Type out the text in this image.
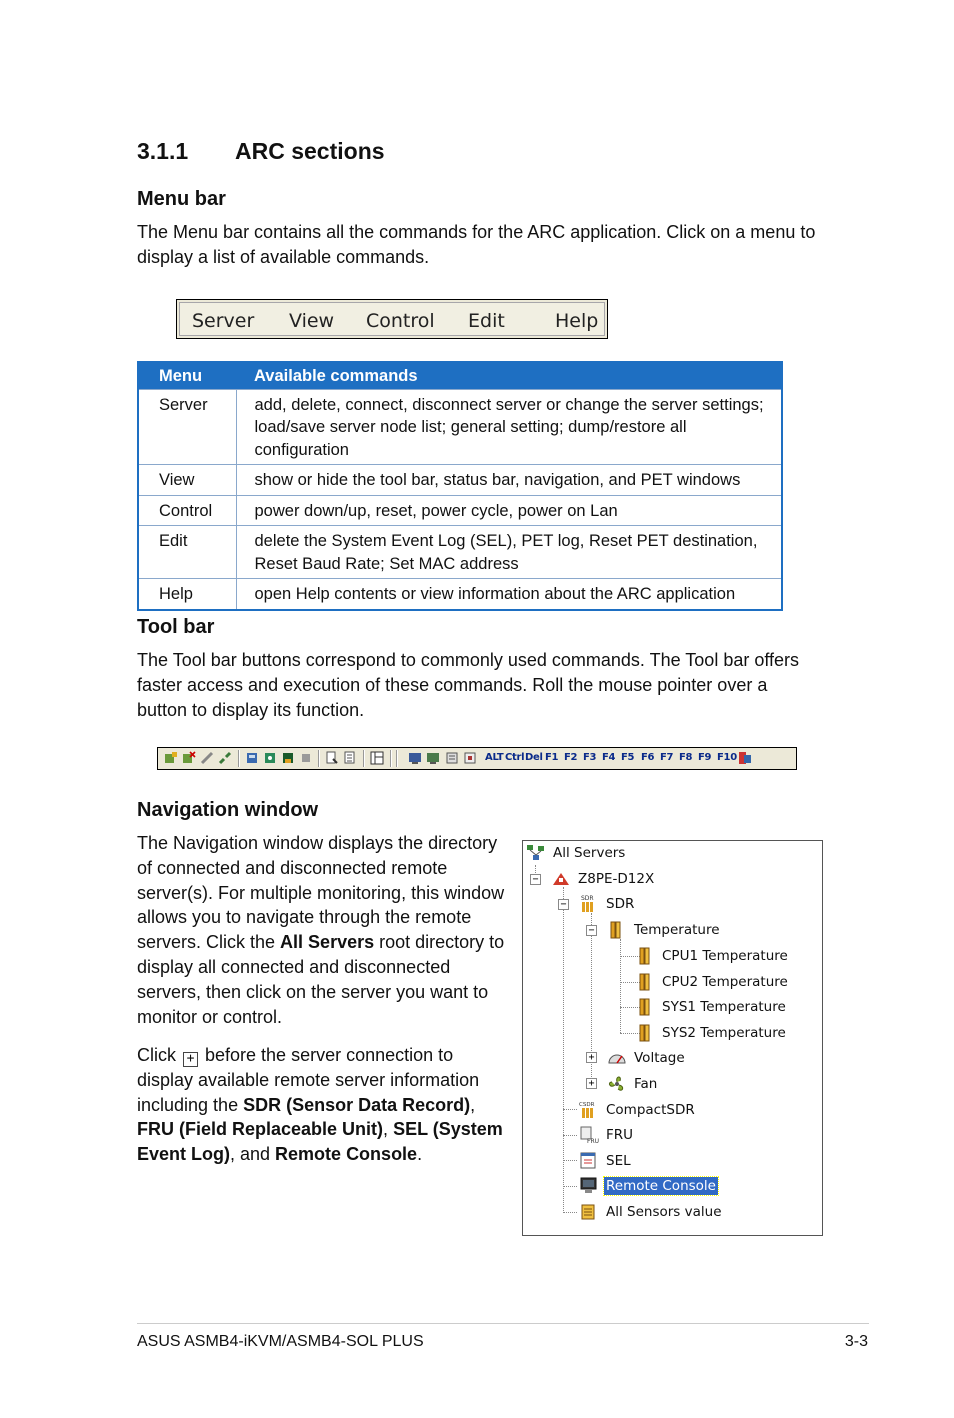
3.1.1 ARC sections
Menu bar
The Menu bar contains all the commands for the ARC application. Click on a menu to display a list of available commands.
Server View Control Edit	Help
Menu	Available commands
Server	add, delete, connect, disconnect server or change the server settings; load/save server node list; general setting; dump/restore all configuration
View	show or hide the tool bar, status bar, navigation, and PET windows
Control	power down/up, reset, power cycle, power on Lan
Edit	delete the System Event Log (SEL), PET log, Reset PET destination, Reset Baud Rate; Set MAC address
Help	open Help contents or view information about the ARC application
Tool bar
The Tool bar buttons correspond to commonly used commands. The Tool bar offers faster access and execution of these commands. Roll the mouse pointer over a button to display its function.
ALT Ctrl Del F1 F2 F3 F4 F5 F6 F7 F8 F9 F10
Navigation window
The Navigation window displays the directory of connected and disconnected remote server(s). For multiple monitoring, this window allows you to navigate through the remote servers. Click the All Servers root directory to display all connected and disconnected servers, then click on the server you want to monitor or control.
Click + before the server connection to display available remote server information including the SDR (Sensor Data Record), FRU (Field Replaceable Unit), SEL (System Event Log), and Remote Console.
−
−
−
+
+
All Servers
Z8PE-D12X
SDR SDR
Temperature
CPU1 Temperature
CPU2 Temperature
SYS1 Temperature
SYS2 Temperature
Voltage
Fan
CSDR CompactSDR
FRU FRU
SEL
Remote Console
All Sensors value
ASUS ASMB4-iKVM/ASMB4-SOL PLUS	3-3
